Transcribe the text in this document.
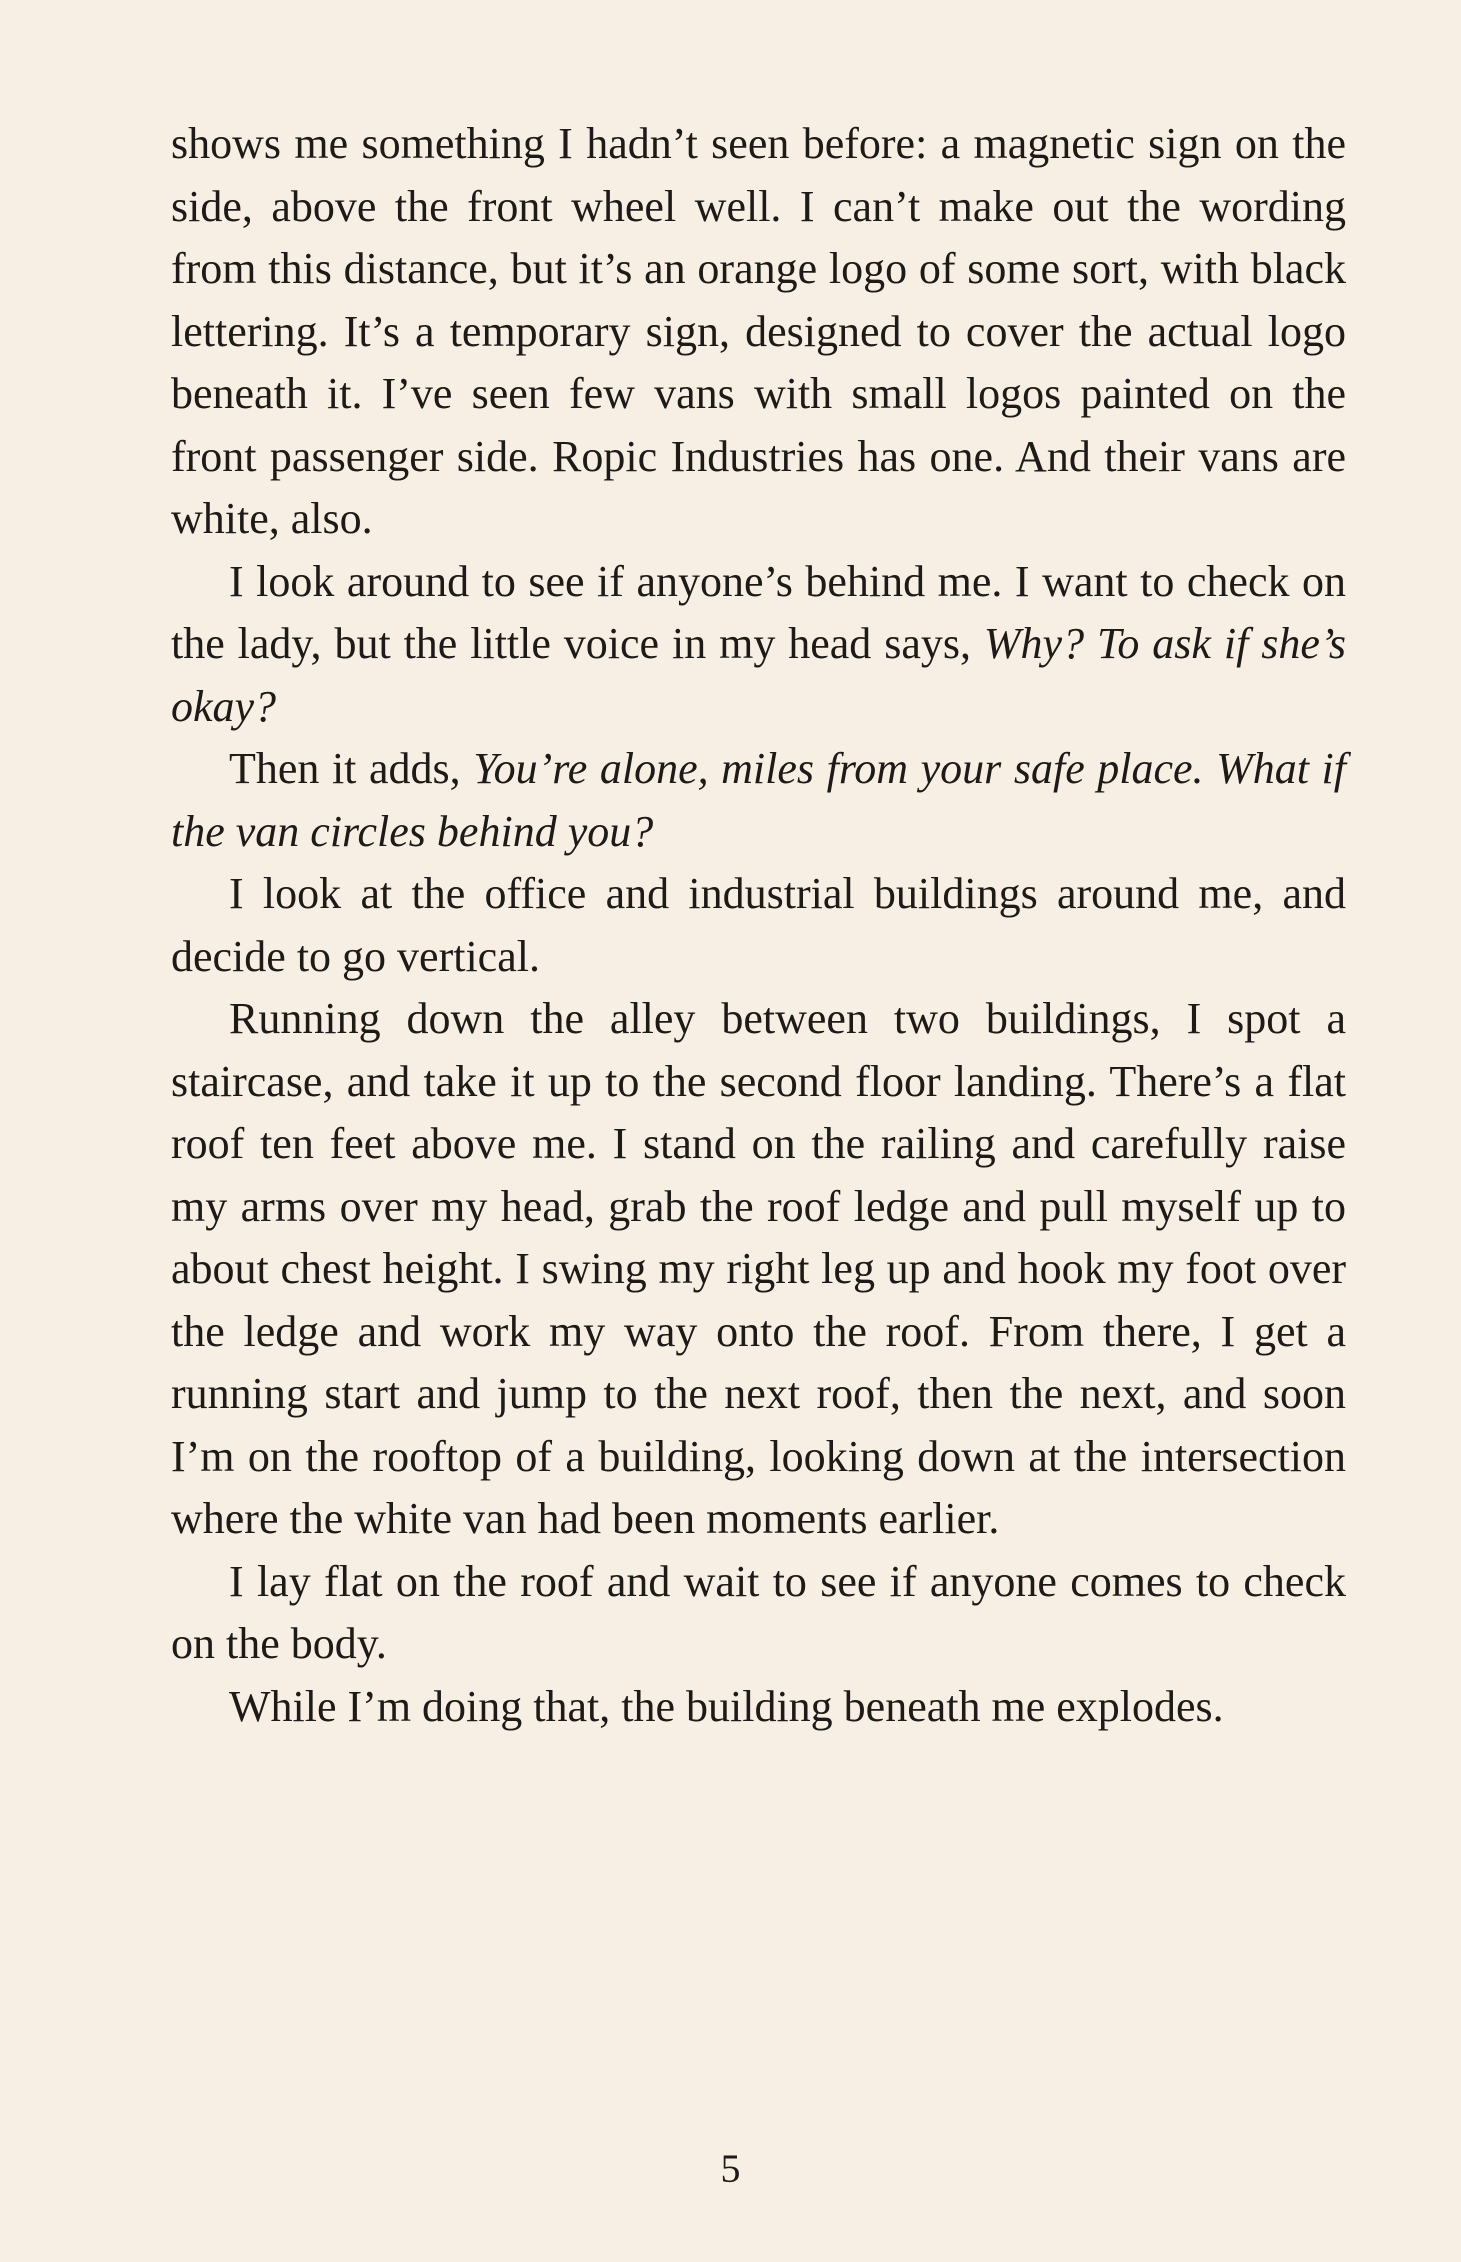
shows me something I hadn’t seen before: a magnetic sign on the side, above the front wheel well. I can’t make out the wording from this distance, but it’s an orange logo of some sort, with black lettering. It’s a temporary sign, designed to cover the actual logo beneath it. I’ve seen few vans with small logos painted on the front passenger side. Ropic Industries has one. And their vans are white, also.

I look around to see if anyone’s behind me. I want to check on the lady, but the little voice in my head says, Why? To ask if she’s okay?

Then it adds, You’re alone, miles from your safe place. What if the van circles behind you?

I look at the office and industrial buildings around me, and decide to go vertical.

Running down the alley between two buildings, I spot a staircase, and take it up to the second floor landing. There’s a flat roof ten feet above me. I stand on the railing and carefully raise my arms over my head, grab the roof ledge and pull myself up to about chest height. I swing my right leg up and hook my foot over the ledge and work my way onto the roof. From there, I get a running start and jump to the next roof, then the next, and soon I’m on the rooftop of a building, looking down at the intersection where the white van had been moments earlier.

I lay flat on the roof and wait to see if anyone comes to check on the body.

While I’m doing that, the building beneath me explodes.

5
